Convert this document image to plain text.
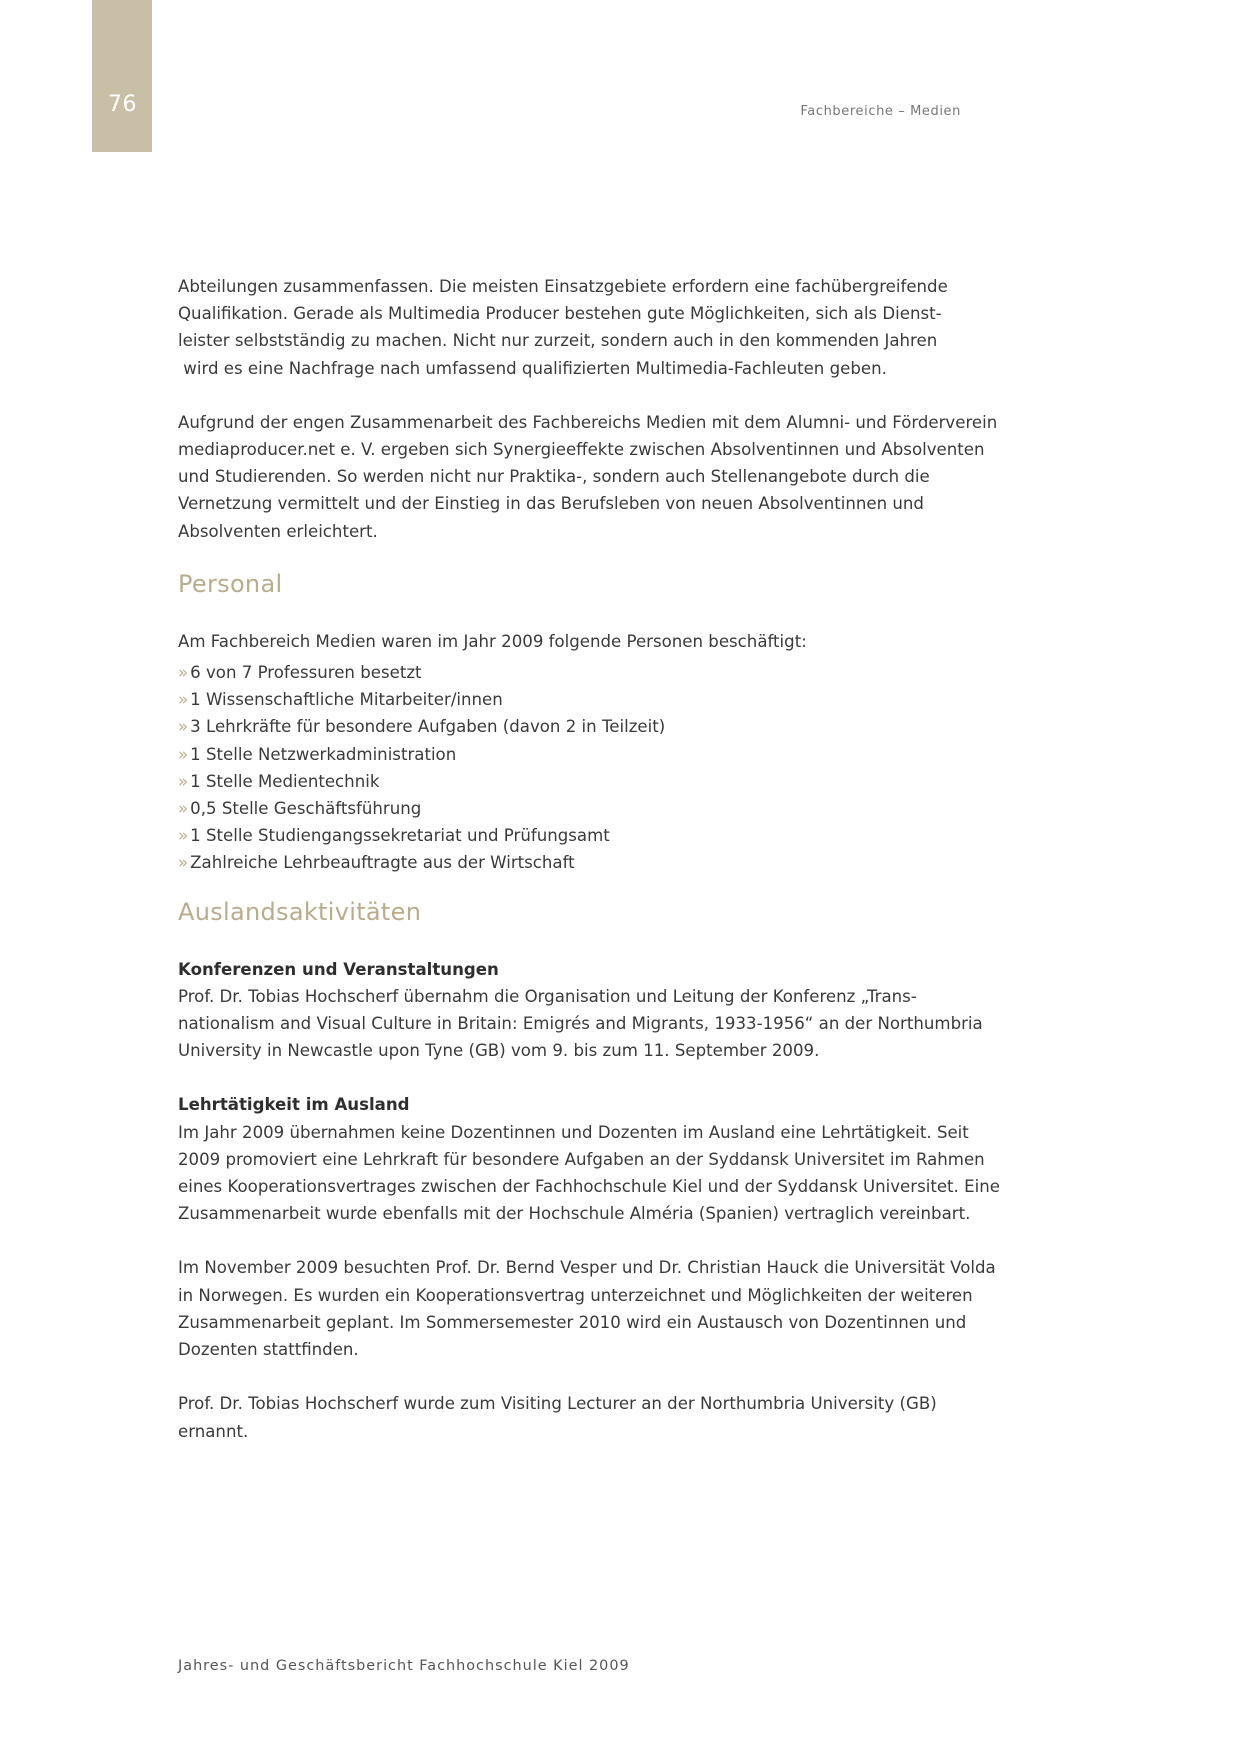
76	Fachbereiche – Medien

Abteilungen zusammenfassen. Die meisten Einsatzgebiete erfordern eine fachübergreifende
Qualifikation. Gerade als Multimedia Producer bestehen gute Möglichkeiten, sich als Dienst-
leister selbstständig zu machen. Nicht nur zurzeit, sondern auch in den kommenden Jahren
wird es eine Nachfrage nach umfassend qualifizierten Multimedia-Fachleuten geben.

Aufgrund der engen Zusammenarbeit des Fachbereichs Medien mit dem Alumni- und Förderverein
mediaproducer.net e. V. ergeben sich Synergieeffekte zwischen Absolventinnen und Absolventen
und Studierenden. So werden nicht nur Praktika-, sondern auch Stellenangebote durch die
Vernetzung vermittelt und der Einstieg in das Berufsleben von neuen Absolventinnen und
Absolventen erleichtert.

Personal

Am Fachbereich Medien waren im Jahr 2009 folgende Personen beschäftigt:

» 6 von 7 Professuren besetzt
» 1 Wissenschaftliche Mitarbeiter/innen
» 3 Lehrkräfte für besondere Aufgaben (davon 2 in Teilzeit)
» 1 Stelle Netzwerkadministration
» 1 Stelle Medientechnik
» 0,5 Stelle Geschäftsführung
» 1 Stelle Studiengangssekretariat und Prüfungsamt
» Zahlreiche Lehrbeauftragte aus der Wirtschaft
Auslandsaktivitäten

Konferenzen und Veranstaltungen
Prof. Dr. Tobias Hochscherf übernahm die Organisation und Leitung der Konferenz „Trans-
nationalism and Visual Culture in Britain: Emigrés and Migrants, 1933-1956“ an der Northumbria
University in Newcastle upon Tyne (GB) vom 9. bis zum 11. September 2009.

Lehrtätigkeit im Ausland
Im Jahr 2009 übernahmen keine Dozentinnen und Dozenten im Ausland eine Lehrtätigkeit. Seit
2009 promoviert eine Lehrkraft für besondere Aufgaben an der Syddansk Universitet im Rahmen
eines Kooperationsvertrages zwischen der Fachhochschule Kiel und der Syddansk Universitet. Eine
Zusammenarbeit wurde ebenfalls mit der Hochschule Alméria (Spanien) vertraglich vereinbart.

Im November 2009 besuchten Prof. Dr. Bernd Vesper und Dr. Christian Hauck die Universität Volda
in Norwegen. Es wurden ein Kooperationsvertrag unterzeichnet und Möglichkeiten der weiteren
Zusammenarbeit geplant. Im Sommersemester 2010 wird ein Austausch von Dozentinnen und
Dozenten stattfinden.

Prof. Dr. Tobias Hochscherf wurde zum Visiting Lecturer an der Northumbria University (GB)
ernannt.

Jahres- und Geschäftsbericht Fachhochschule Kiel 2009
